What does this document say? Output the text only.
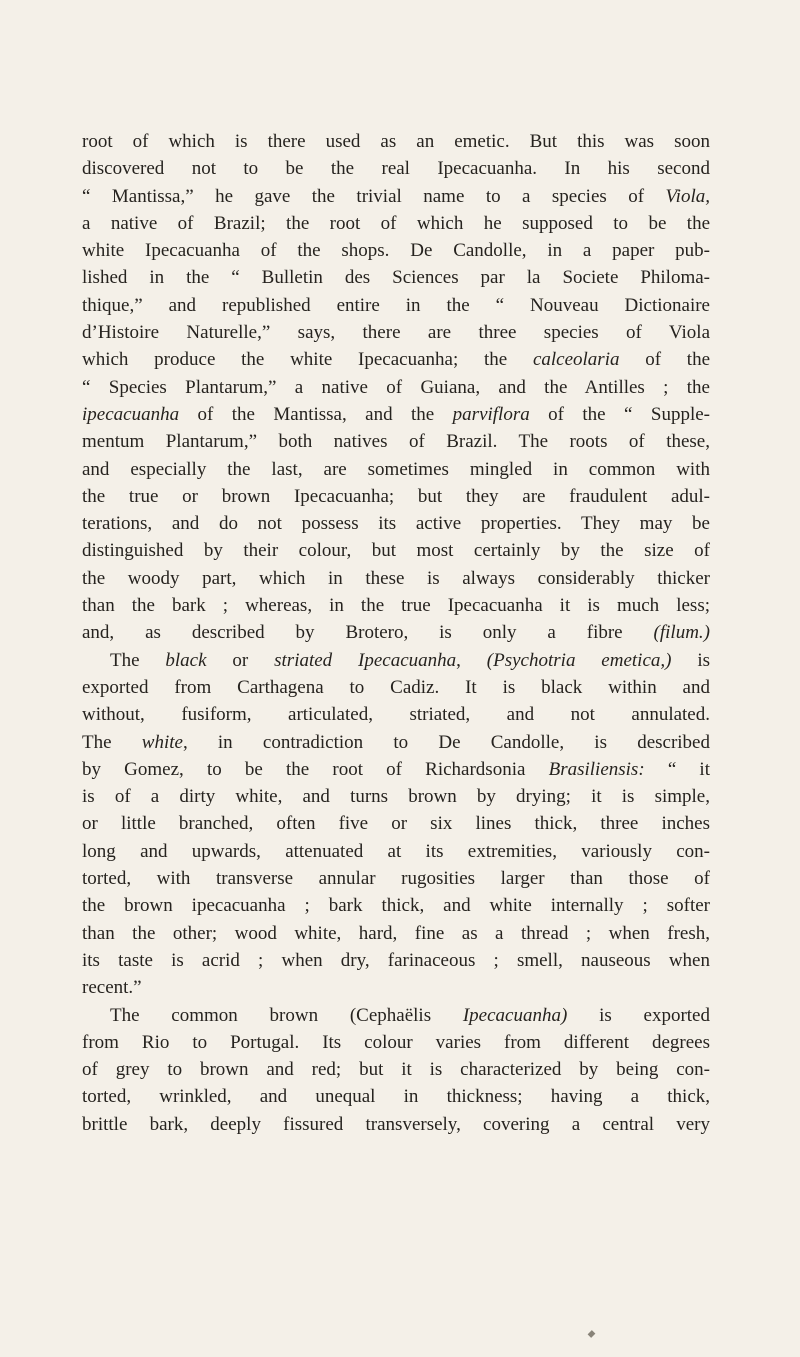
root of which is there used as an emetic. But this was soon
discovered not to be the real Ipecacuanha. In his second
“ Mantissa,” he gave the trivial name to a species of Viola,
a native of Brazil; the root of which he supposed to be the
white Ipecacuanha of the shops. De Candolle, in a paper pub-
lished in the “ Bulletin des Sciences par la Societe Philoma-
thique,” and republished entire in the “ Nouveau Dictionaire
d’Histoire Naturelle,” says, there are three species of Viola
which produce the white Ipecacuanha; the calceolaria of the
“ Species Plantarum,” a native of Guiana, and the Antilles ; the
ipecacuanha of the Mantissa, and the parviflora of the “ Supple-
mentum Plantarum,” both natives of Brazil. The roots of these,
and especially the last, are sometimes mingled in common with
the true or brown Ipecacuanha; but they are fraudulent adul-
terations, and do not possess its active properties. They may be
distinguished by their colour, but most certainly by the size of
the woody part, which in these is always considerably thicker
than the bark ; whereas, in the true Ipecacuanha it is much less;
and, as described by Brotero, is only a fibre (filum.)
The black or striated Ipecacuanha, (Psychotria emetica,) is
exported from Carthagena to Cadiz. It is black within and
without, fusiform, articulated, striated, and not annulated.
The white, in contradiction to De Candolle, is described
by Gomez, to be the root of Richardsonia Brasiliensis: “ it
is of a dirty white, and turns brown by drying; it is simple,
or little branched, often five or six lines thick, three inches
long and upwards, attenuated at its extremities, variously con-
torted, with transverse annular rugosities larger than those of
the brown ipecacuanha ; bark thick, and white internally ; softer
than the other; wood white, hard, fine as a thread ; when fresh,
its taste is acrid ; when dry, farinaceous ; smell, nauseous when
recent.”
The common brown (Cephaëlis Ipecacuanha) is exported
from Rio to Portugal. Its colour varies from different degrees
of grey to brown and red; but it is characterized by being con-
torted, wrinkled, and unequal in thickness; having a thick,
brittle bark, deeply fissured transversely, covering a central very
